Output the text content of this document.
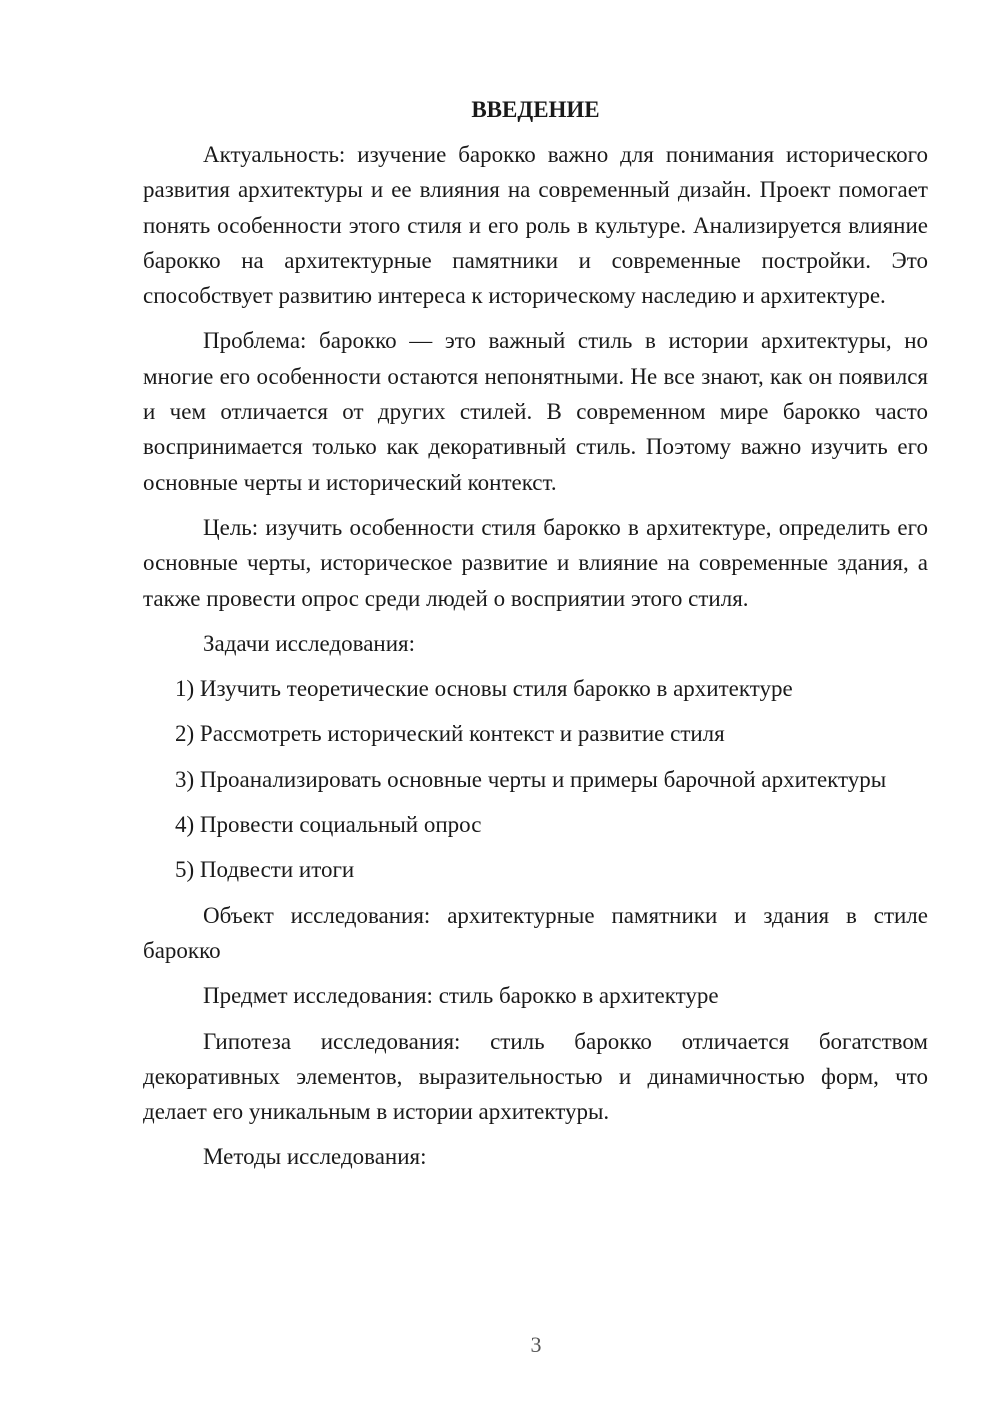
ВВЕДЕНИЕ

Актуальность: изучение барокко важно для понимания исторического развития архитектуры и ее влияния на современный дизайн. Проект помогает понять особенности этого стиля и его роль в культуре. Анализируется влияние барокко на архитектурные памятники и современные постройки. Это способствует развитию интереса к историческому наследию и архитектуре.

Проблема: барокко — это важный стиль в истории архитектуры, но многие его особенности остаются непонятными. Не все знают, как он появился и чем отличается от других стилей. В современном мире барокко часто воспринимается только как декоративный стиль. Поэтому важно изучить его основные черты и исторический контекст.

Цель: изучить особенности стиля барокко в архитектуре, определить его основные черты, историческое развитие и влияние на современные здания, а также провести опрос среди людей о восприятии этого стиля.

Задачи исследования:

1) Изучить теоретические основы стиля барокко в архитектуре

2) Рассмотреть исторический контекст и развитие стиля

3) Проанализировать основные черты и примеры барочной архитектуры

4) Провести социальный опрос

5) Подвести итоги

Объект исследования: архитектурные памятники и здания в стиле барокко

Предмет исследования: стиль барокко в архитектуре

Гипотеза исследования: стиль барокко отличается богатством декоративных элементов, выразительностью и динамичностью форм, что делает его уникальным в истории архитектуры.

Методы исследования:

3
